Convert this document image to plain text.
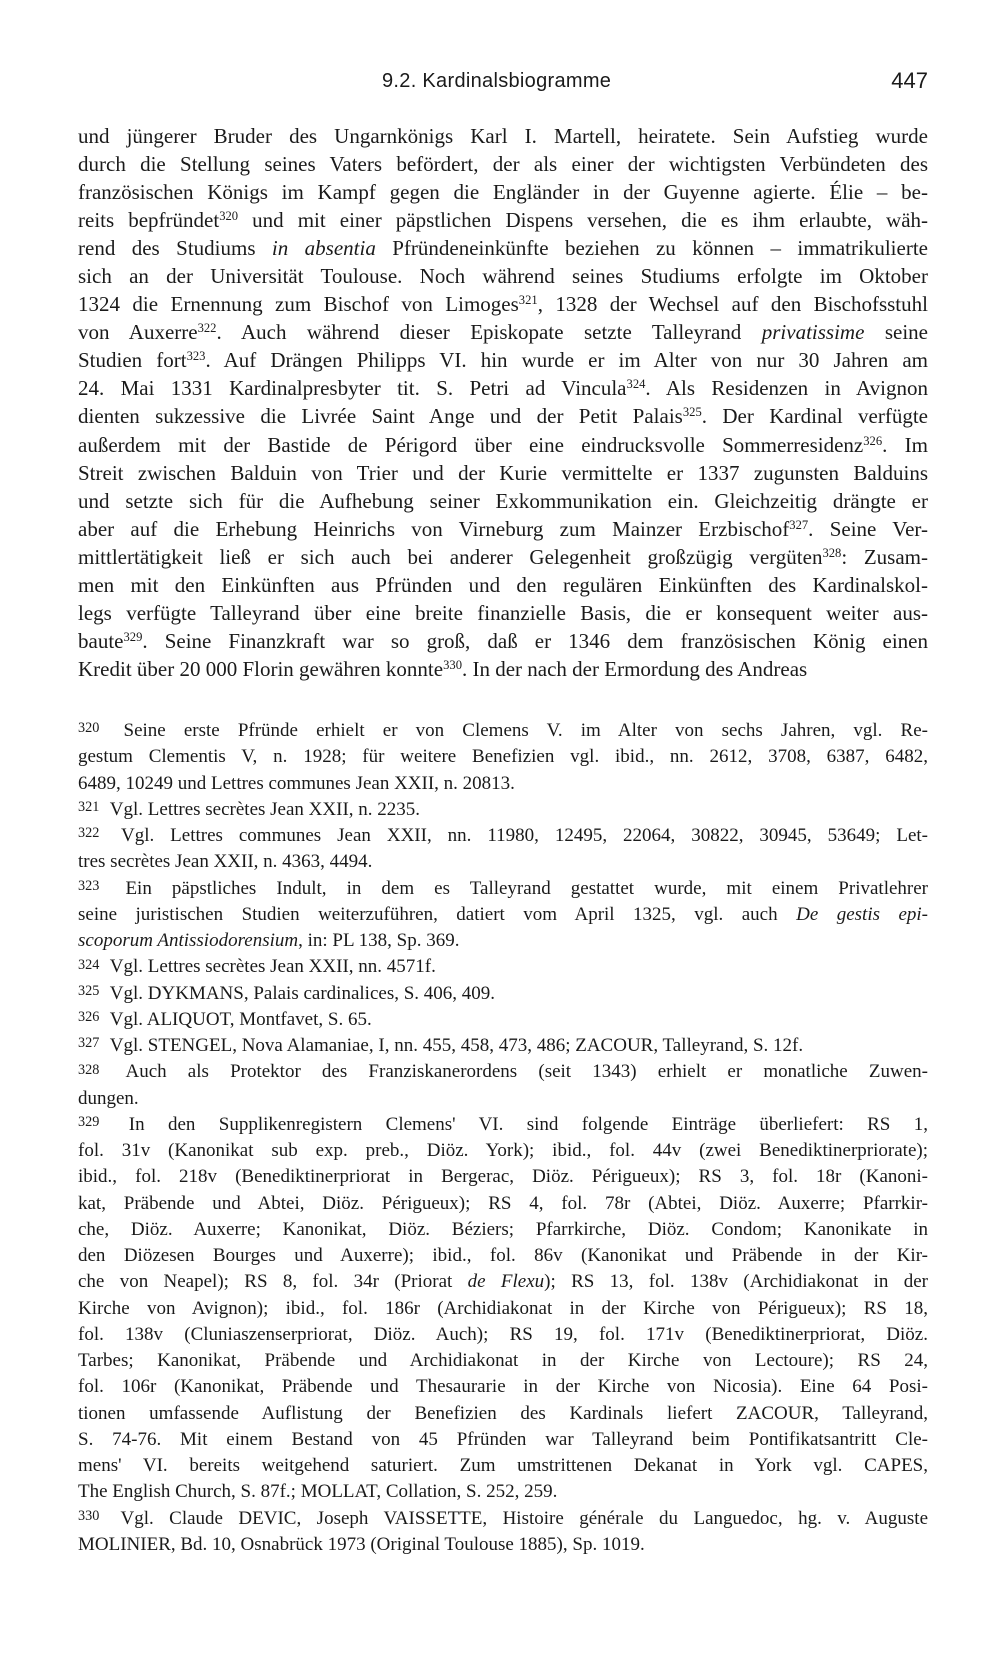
9.2. Kardinalsbiogramme	447
und jüngerer Bruder des Ungarnkönigs Karl I. Martell, heiratete. Sein Aufstieg wurde
durch die Stellung seines Vaters befördert, der als einer der wichtigsten Verbündeten des
französischen Königs im Kampf gegen die Engländer in der Guyenne agierte. Élie – be-
reits bepfründet$^{320}$ und mit einer päpstlichen Dispens versehen, die es ihm erlaubte, wäh-
rend des Studiums in absentia Pfründeneinkünfte beziehen zu können – immatrikulierte
sich an der Universität Toulouse. Noch während seines Studiums erfolgte im Oktober
1324 die Ernennung zum Bischof von Limoges$^{321}$, 1328 der Wechsel auf den Bischofsstuhl
von Auxerre$^{322}$. Auch während dieser Episkopate setzte Talleyrand privatissime seine
Studien fort$^{323}$. Auf Drängen Philipps VI. hin wurde er im Alter von nur 30 Jahren am
24. Mai 1331 Kardinalpresbyter tit. S. Petri ad Vincula$^{324}$. Als Residenzen in Avignon
dienten sukzessive die Livrée Saint Ange und der Petit Palais$^{325}$. Der Kardinal verfügte
außerdem mit der Bastide de Périgord über eine eindrucksvolle Sommerresidenz$^{326}$. Im
Streit zwischen Balduin von Trier und der Kurie vermittelte er 1337 zugunsten Balduins
und setzte sich für die Aufhebung seiner Exkommunikation ein. Gleichzeitig drängte er
aber auf die Erhebung Heinrichs von Virneburg zum Mainzer Erzbischof$^{327}$. Seine Ver-
mittlertätigkeit ließ er sich auch bei anderer Gelegenheit großzügig vergüten$^{328}$: Zusam-
men mit den Einkünften aus Pfründen und den regulären Einkünften des Kardinalskol-
legs verfügte Talleyrand über eine breite finanzielle Basis, die er konsequent weiter aus-
baute$^{329}$. Seine Finanzkraft war so groß, daß er 1346 dem französischen König einen
Kredit über 20 000 Florin gewähren konnte$^{330}$. In der nach der Ermordung des Andreas
$^{320}$ Seine erste Pfründe erhielt er von Clemens V. im Alter von sechs Jahren, vgl. Re-
gestum Clementis V, n. 1928; für weitere Benefizien vgl. ibid., nn. 2612, 3708, 6387, 6482,
6489, 10249 und Lettres communes Jean XXII, n. 20813.
$^{321}$ Vgl. Lettres secrètes Jean XXII, n. 2235.
$^{322}$ Vgl. Lettres communes Jean XXII, nn. 11980, 12495, 22064, 30822, 30945, 53649; Let-
tres secrètes Jean XXII, n. 4363, 4494.
$^{323}$ Ein päpstliches Indult, in dem es Talleyrand gestattet wurde, mit einem Privatlehrer
seine juristischen Studien weiterzuführen, datiert vom April 1325, vgl. auch De gestis epi-
scoporum Antissiodorensium, in: PL 138, Sp. 369.
$^{324}$ Vgl. Lettres secrètes Jean XXII, nn. 4571f.
$^{325}$ Vgl. DYKMANS, Palais cardinalices, S. 406, 409.
$^{326}$ Vgl. ALIQUOT, Montfavet, S. 65.
$^{327}$ Vgl. STENGEL, Nova Alamaniae, I, nn. 455, 458, 473, 486; ZACOUR, Talleyrand, S. 12f.
$^{328}$ Auch als Protektor des Franziskanerordens (seit 1343) erhielt er monatliche Zuwen-
dungen.
$^{329}$ In den Supplikenregistern Clemens' VI. sind folgende Einträge überliefert: RS 1,
fol. 31v (Kanonikat sub exp. preb., Diöz. York); ibid., fol. 44v (zwei Benediktinerpriorate);
ibid., fol. 218v (Benediktinerpriorat in Bergerac, Diöz. Périgueux); RS 3, fol. 18r (Kanoni-
kat, Präbende und Abtei, Diöz. Périgueux); RS 4, fol. 78r (Abtei, Diöz. Auxerre; Pfarrkir-
che, Diöz. Auxerre; Kanonikat, Diöz. Béziers; Pfarrkirche, Diöz. Condom; Kanonikate in
den Diözesen Bourges und Auxerre); ibid., fol. 86v (Kanonikat und Präbende in der Kir-
che von Neapel); RS 8, fol. 34r (Priorat de Flexu); RS 13, fol. 138v (Archidiakonat in der
Kirche von Avignon); ibid., fol. 186r (Archidiakonat in der Kirche von Périgueux); RS 18,
fol. 138v (Cluniaszenserpriorat, Diöz. Auch); RS 19, fol. 171v (Benediktinerpriorat, Diöz.
Tarbes; Kanonikat, Präbende und Archidiakonat in der Kirche von Lectoure); RS 24,
fol. 106r (Kanonikat, Präbende und Thesaurarie in der Kirche von Nicosia). Eine 64 Posi-
tionen umfassende Auflistung der Benefizien des Kardinals liefert ZACOUR, Talleyrand,
S. 74-76. Mit einem Bestand von 45 Pfründen war Talleyrand beim Pontifikatsantritt Cle-
mens' VI. bereits weitgehend saturiert. Zum umstrittenen Dekanat in York vgl. CAPES,
The English Church, S. 87f.; MOLLAT, Collation, S. 252, 259.
$^{330}$ Vgl. Claude DEVIC, Joseph VAISSETTE, Histoire générale du Languedoc, hg. v. Auguste
MOLINIER, Bd. 10, Osnabrück 1973 (Original Toulouse 1885), Sp. 1019.
